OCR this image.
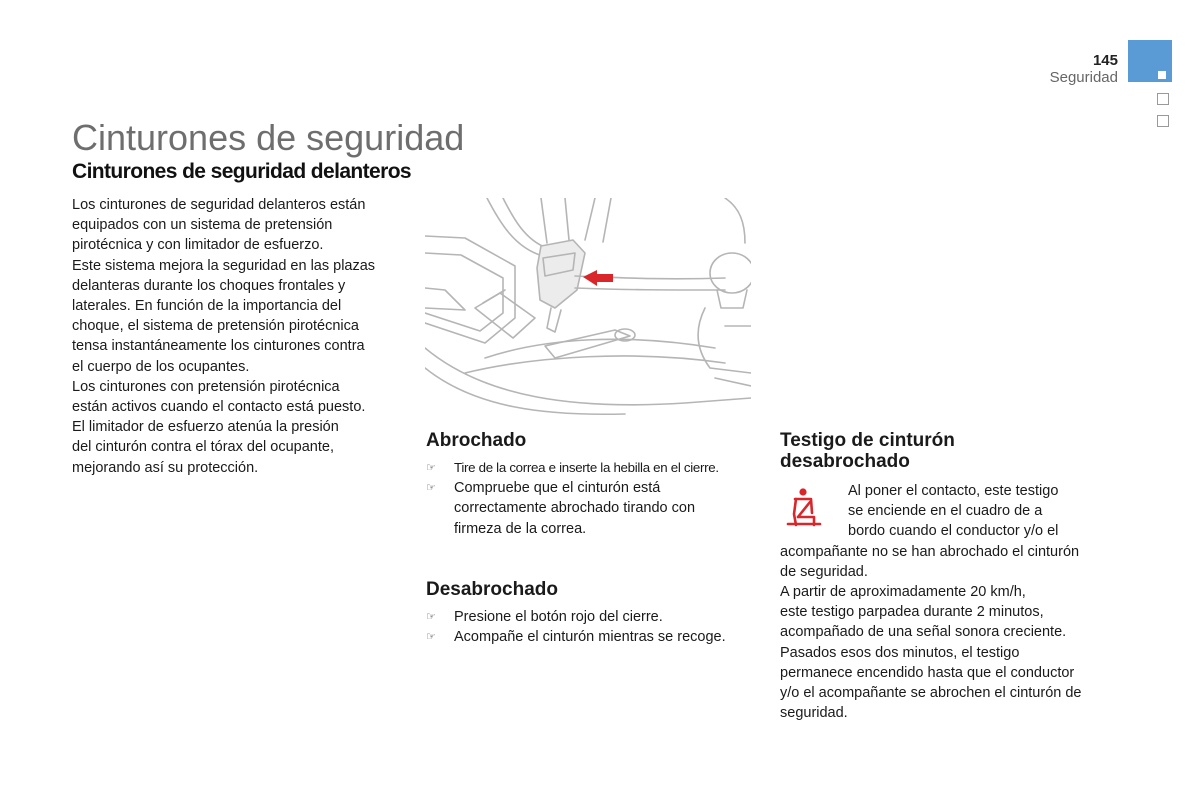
145
Seguridad
Cinturones de seguridad
Cinturones de seguridad delanteros

Los cinturones de seguridad delanteros están

equipados con un sistema de pretensión

pirotécnica y con limitador de esfuerzo.

Este sistema mejora la seguridad en las plazas

delanteras durante los choques frontales y

laterales. En función de la importancia del

choque, el sistema de pretensión pirotécnica

tensa instantáneamente los cinturones contra

el cuerpo de los ocupantes.

Los cinturones con pretensión pirotécnica

están activos cuando el contacto está puesto.

El limitador de esfuerzo atenúa la presión

del cinturón contra el tórax del ocupante,

mejorando así su protección.

Abrochado
☞ Tire de la correa e inserte la hebilla en el cierre.
☞ Compruebe que el cinturón está
correctamente abrochado tirando con
firmeza de la correa.
Desabrochado
☞ Presione el botón rojo del cierre.
☞ Acompañe el cinturón mientras se recoge.
Testigo de cinturón
desabrochado

Al poner el contacto, este testigo

se enciende en el cuadro de a

bordo cuando el conductor y/o el

acompañante no se han abrochado el cinturón

de seguridad.

A partir de aproximadamente 20 km/h,

este testigo parpadea durante 2 minutos,

acompañado de una señal sonora creciente.

Pasados esos dos minutos, el testigo

permanece encendido hasta que el conductor

y/o el acompañante se abrochen el cinturón de

seguridad.
